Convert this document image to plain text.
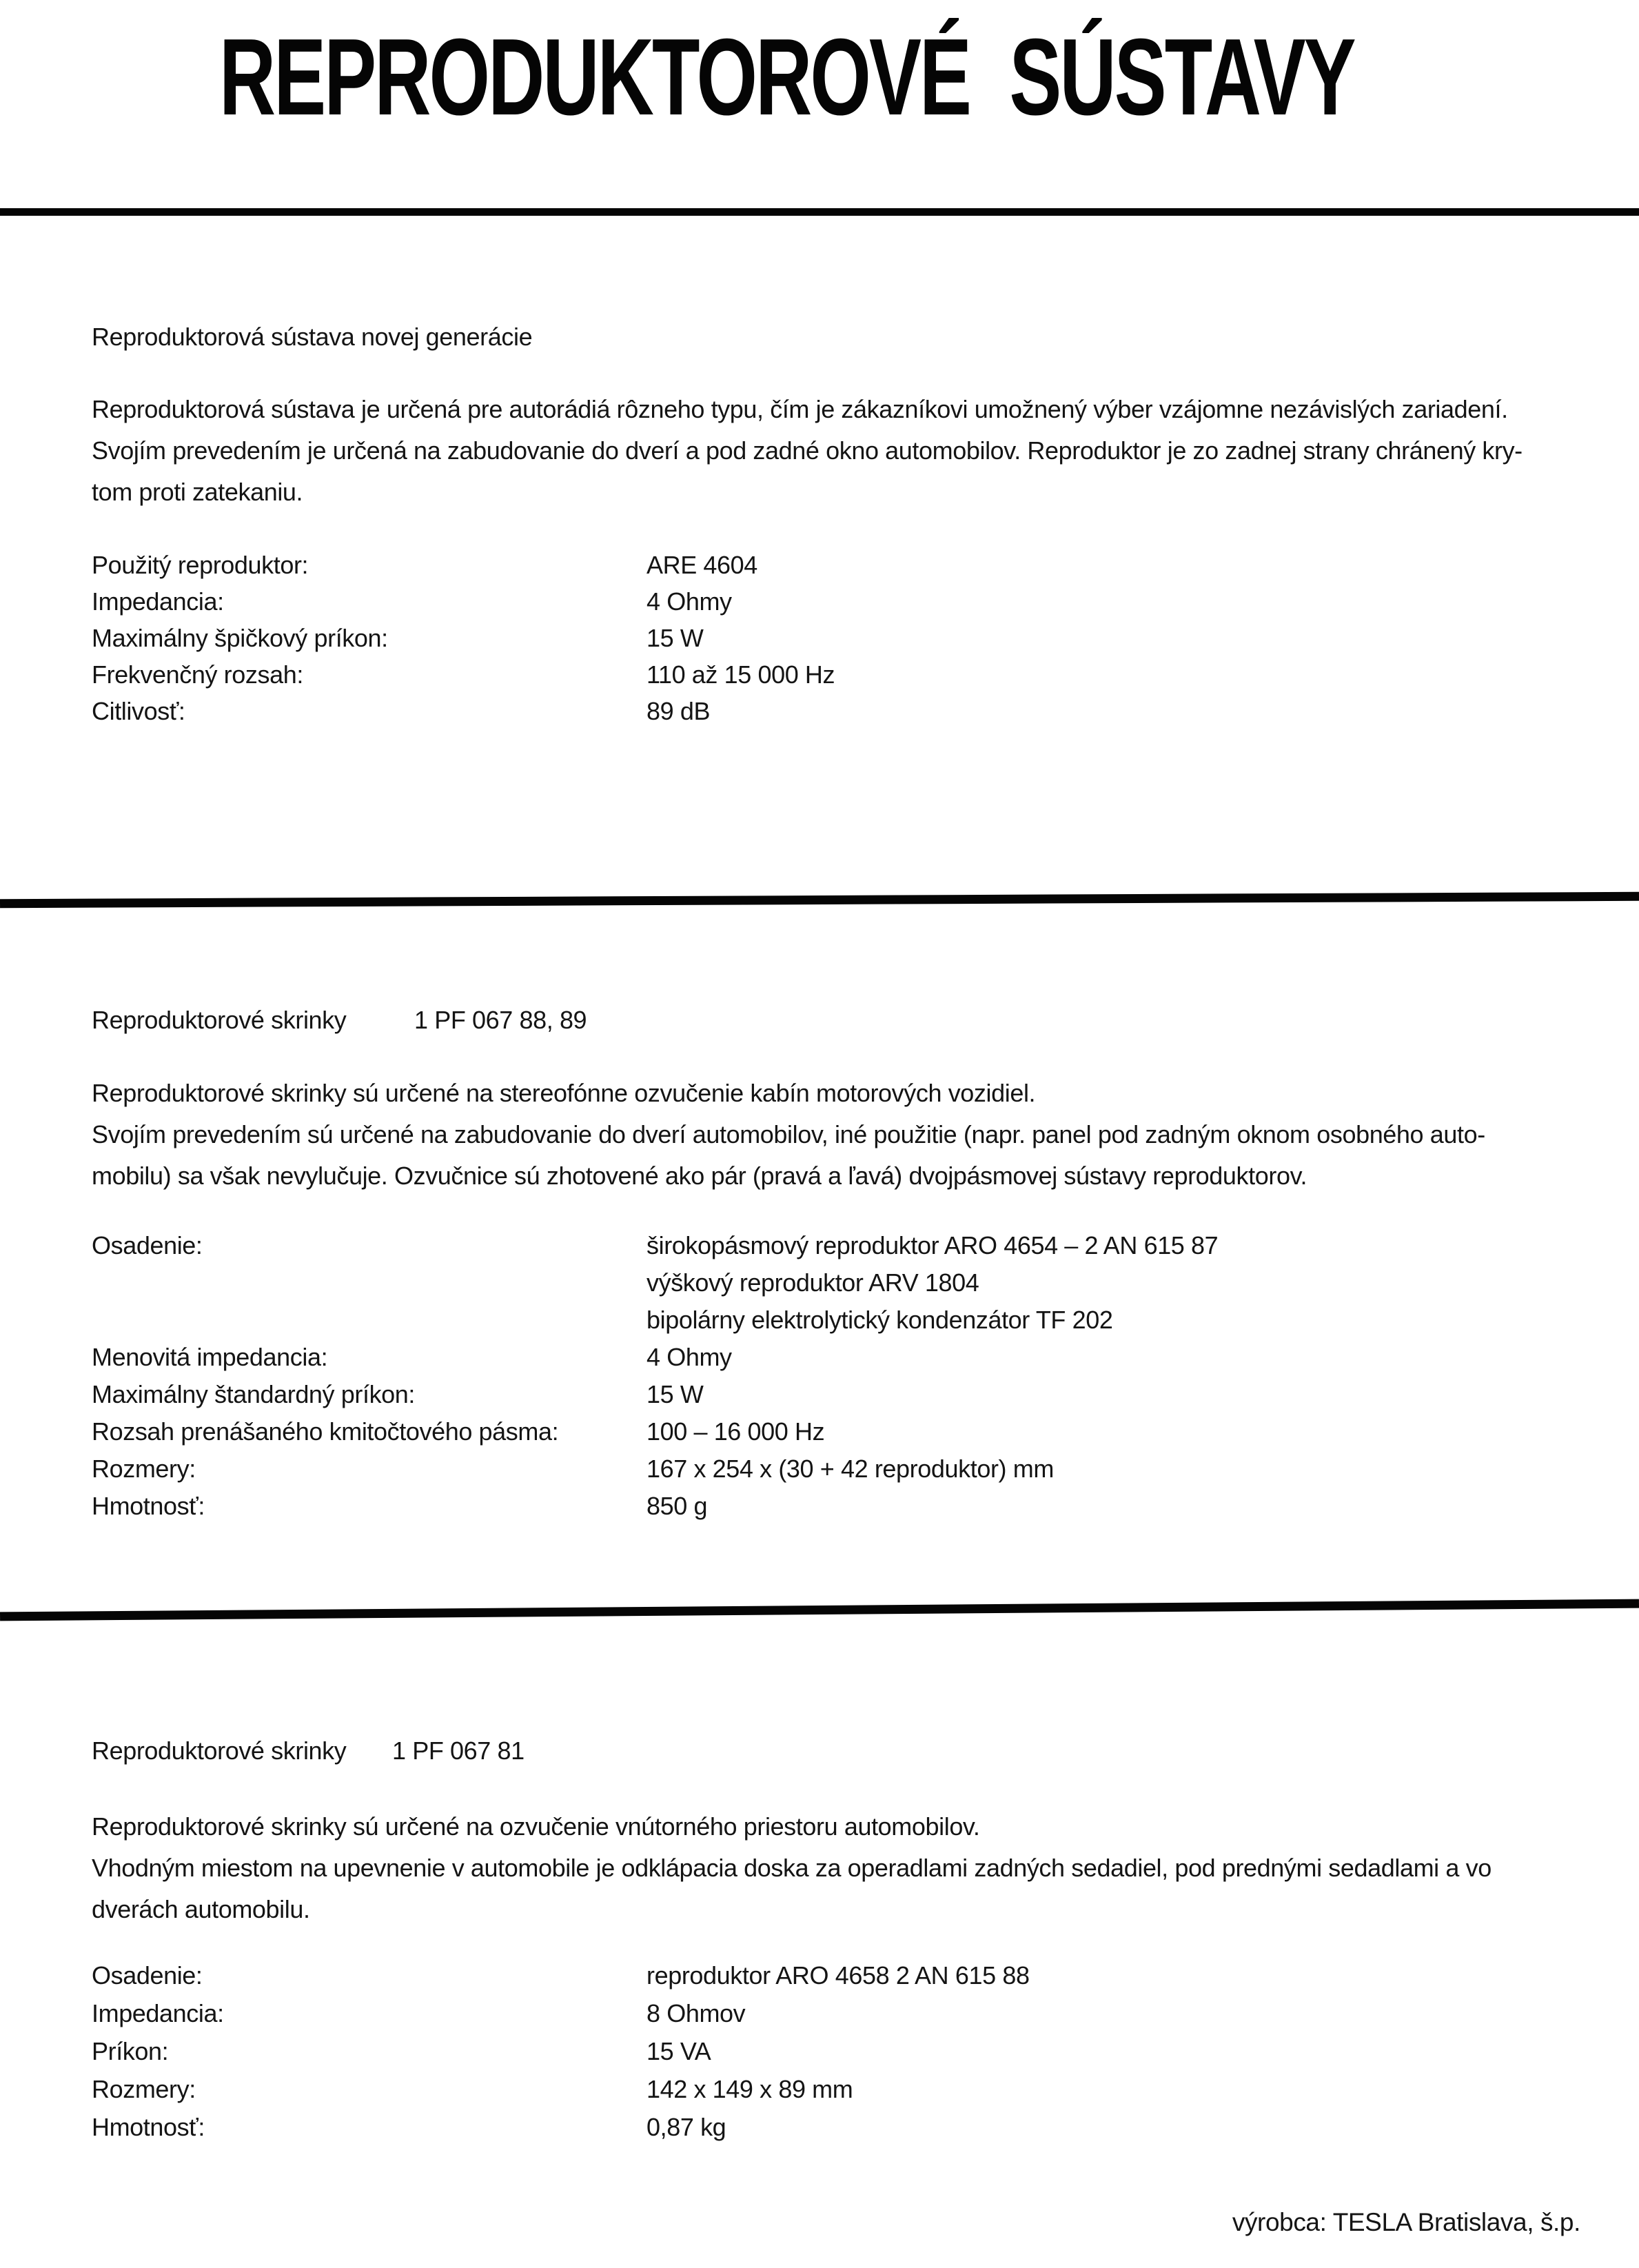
REPRODUKTOROVÉ  SÚSTAVY
Reproduktorová sústava novej generácie
Reproduktorová sústava je určená pre autorádiá rôzneho typu, čím je zákazníkovi umožnený výber vzájomne nezávislých zariadení.
Svojím prevedením je určená na zabudovanie do dverí a pod zadné okno automobilov. Reproduktor je zo zadnej strany chránený kry-
tom proti zatekaniu.
Použitý reproduktor:	ARE 4604
Impedancia:	4 Ohmy
Maximálny špičkový príkon:	15 W
Frekvenčný rozsah:	110 až 15 000 Hz
Citlivosť:	89 dB
Reproduktorové skrinky	1 PF 067 88, 89
Reproduktorové skrinky sú určené na stereofónne ozvučenie kabín motorových vozidiel.
Svojím prevedením sú určené na zabudovanie do dverí automobilov, iné použitie (napr. panel pod zadným oknom osobného auto-
mobilu) sa však nevylučuje. Ozvučnice sú zhotovené ako pár (pravá a ľavá) dvojpásmovej sústavy reproduktorov.
Osadenie:	širokopásmový reproduktor ARO 4654 – 2 AN 615 87
výškový reproduktor ARV 1804
bipolárny elektrolytický kondenzátor TF 202
Menovitá impedancia:	4 Ohmy
Maximálny štandardný príkon:	15 W
Rozsah prenášaného kmitočtového pásma:	100 – 16 000 Hz
Rozmery:	167 x 254 x (30 + 42 reproduktor) mm
Hmotnosť:	850 g
Reproduktorové skrinky 1 PF 067 81
Reproduktorové skrinky sú určené na ozvučenie vnútorného priestoru automobilov.
Vhodným miestom na upevnenie v automobile je odklápacia doska za operadlami zadných sedadiel, pod prednými sedadlami a vo
dverách automobilu.
Osadenie:	reproduktor ARO 4658 2 AN 615 88
Impedancia:	8 Ohmov
Príkon:	15 VA
Rozmery:	142 x 149 x 89 mm
Hmotnosť:	0,87 kg
výrobca: TESLA Bratislava, š.p.
